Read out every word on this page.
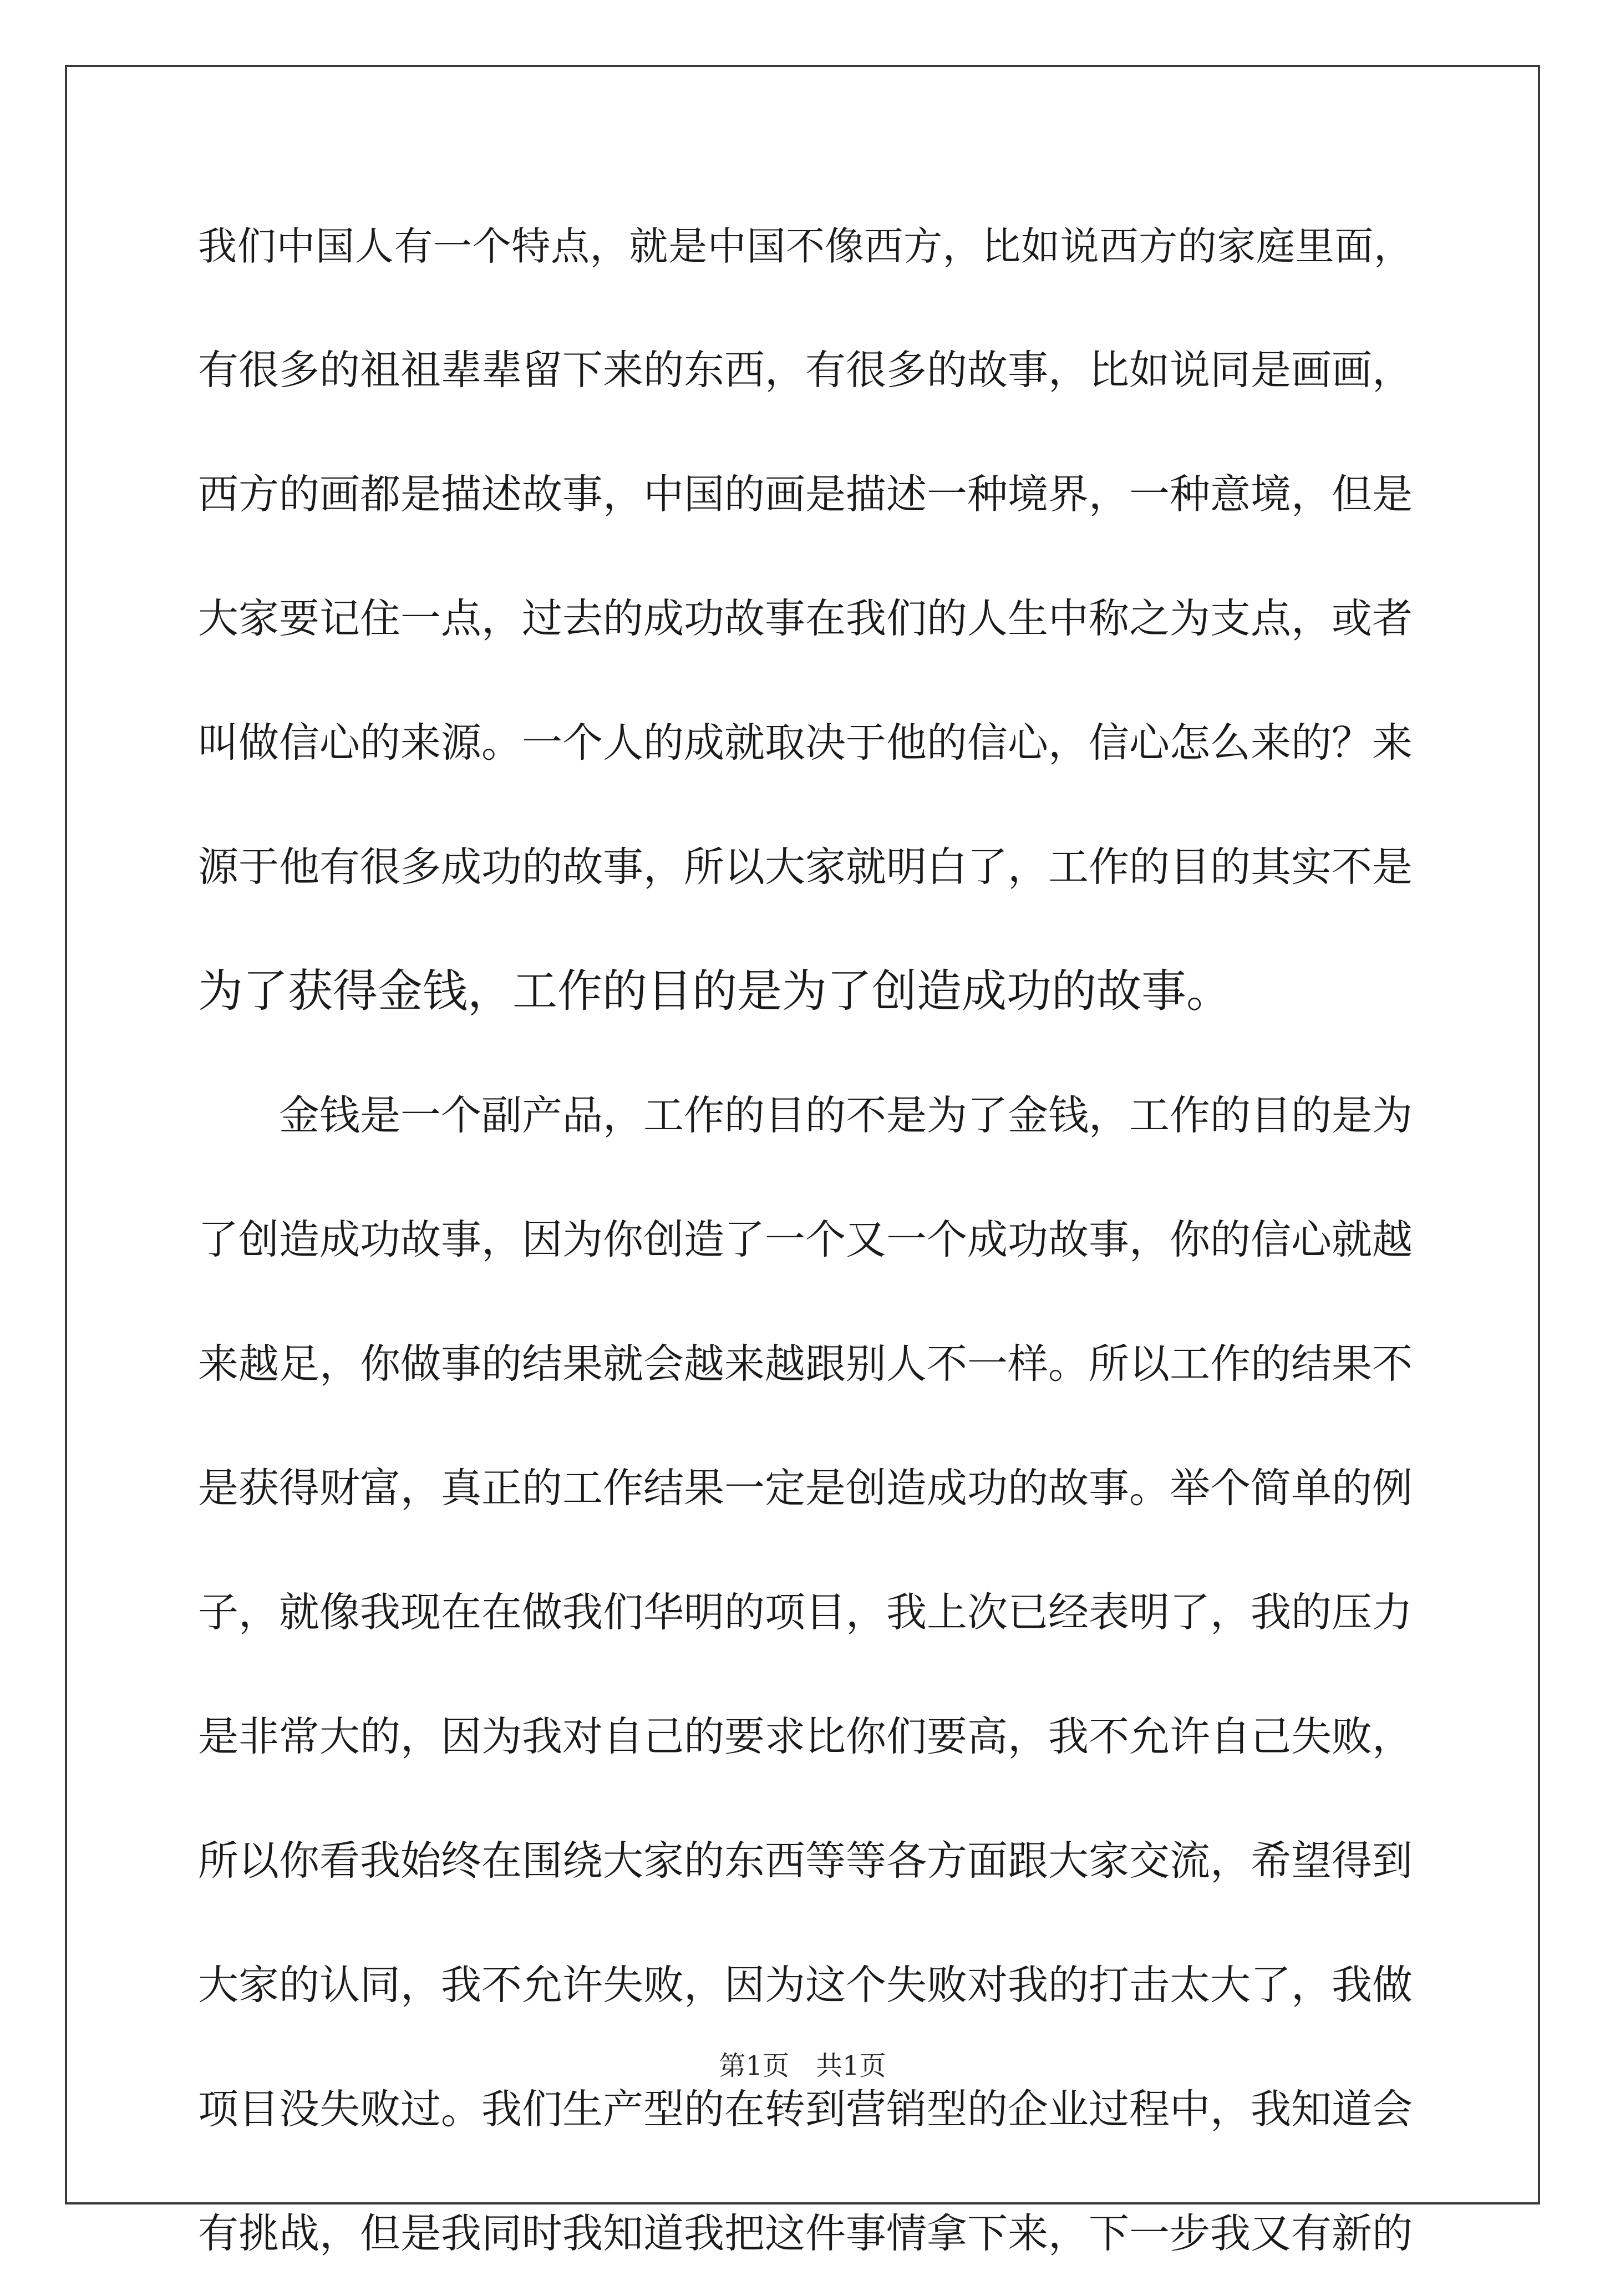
我们中国人有一个特点，就是中国不像西方，比如说西方的家庭里面，
有很多的祖祖辈辈留下来的东西，有很多的故事，比如说同是画画，
西方的画都是描述故事，中国的画是描述一种境界，一种意境，但是
大家要记住一点，过去的成功故事在我们的人生中称之为支点，或者
叫做信心的来源。一个人的成就取决于他的信心，信心怎么来的？来
源于他有很多成功的故事，所以大家就明白了，工作的目的其实不是
为了获得金钱，工作的目的是为了创造成功的故事。
　　金钱是一个副产品，工作的目的不是为了金钱，工作的目的是为
了创造成功故事，因为你创造了一个又一个成功故事，你的信心就越
来越足，你做事的结果就会越来越跟别人不一样。所以工作的结果不
是获得财富，真正的工作结果一定是创造成功的故事。举个简单的例
子，就像我现在在做我们华明的项目，我上次已经表明了，我的压力
是非常大的，因为我对自己的要求比你们要高，我不允许自己失败，
所以你看我始终在围绕大家的东西等等各方面跟大家交流，希望得到
大家的认同，我不允许失败，因为这个失败对我的打击太大了，我做
项目没失败过。我们生产型的在转到营销型的企业过程中，我知道会
有挑战，但是我同时我知道我把这件事情拿下来，下一步我又有新的
第1页　共1页
